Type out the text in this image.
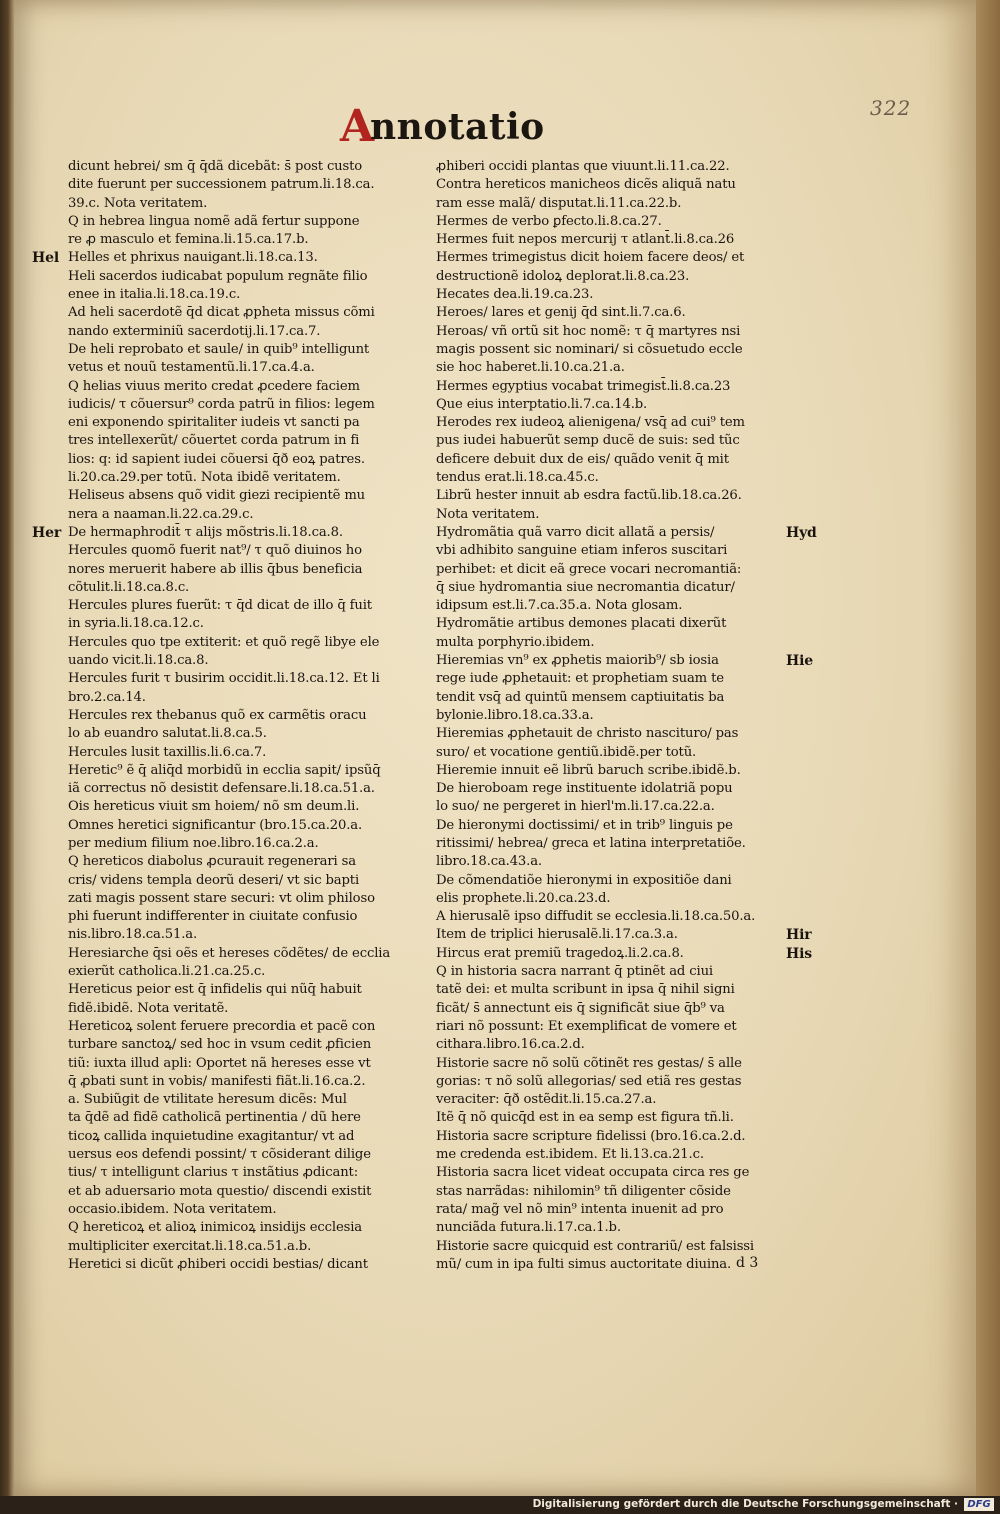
322
A
nnotatio
dicunt hebrei/ sm q̄ q̄dã dicebãt: s̄ post custo
dite fuerunt per successionem patrum.li.18.ca.
39.c. Nota veritatem.
Q in hebrea lingua nomẽ adã fertur suppone
re ꝓ masculo et femina.li.15.ca.17.b.
Helles et phrixus nauigant.li.18.ca.13.
Hel
Heli sacerdos iudicabat populum regnãte filio
enee in italia.li.18.ca.19.c.
Ad heli sacerdotẽ q̄d dicat ꝓpheta missus cõmi
nando exterminiũ sacerdotij.li.17.ca.7.
De heli reprobato et saule/ in quib⁹ intelligunt
vetus et nouũ testamentũ.li.17.ca.4.a.
Q helias viuus merito credat ꝓcedere faciem
iudicis/ τ cõuersur⁹ corda patrũ in filios: legem
eni exponendo spiritaliter iudeis vt sancti pa
tres intellexerũt/ cõuertet corda patrum in fi
lios: q: id sapient iudei cõuersi q̄ð eoꝝ patres.
li.20.ca.29.per totũ. Nota ibidẽ veritatem.
Heliseus absens quõ vidit giezi recipientẽ mu
nera a naaman.li.22.ca.29.c.
De hermaphrodit̄ τ alijs mõstris.li.18.ca.8.
Her
Hercules quomõ fuerit nat⁹/ τ quõ diuinos ho
nores meruerit habere ab illis q̄bus beneficia
cõtulit.li.18.ca.8.c.
Hercules plures fuerũt: τ q̄d dicat de illo q̄ fuit
in syria.li.18.ca.12.c.
Hercules quo tpe extiterit: et quõ regẽ libye ele
uando vicit.li.18.ca.8.
Hercules furit τ busirim occidit.li.18.ca.12. Et li
bro.2.ca.14.
Hercules rex thebanus quõ ex carmẽtis oracu
lo ab euandro salutat.li.8.ca.5.
Hercules lusit taxillis.li.6.ca.7.
Heretic⁹ ẽ q̄ aliq̄d morbidũ in ecclia sapit/ ipsũq̄
iã correctus nõ desistit defensare.li.18.ca.51.a.
Ois hereticus viuit sm hoiem/ nõ sm deum.li.
Omnes heretici significantur (bro.15.ca.20.a.
per medium filium noe.libro.16.ca.2.a.
Q hereticos diabolus ꝓcurauit regenerari sa
cris/ videns templa deorũ deseri/ vt sic bapti
zati magis possent stare securi: vt olim philoso
phi fuerunt indifferenter in ciuitate confusio
nis.libro.18.ca.51.a.
Heresiarche q̄si oẽs et hereses cõdẽtes/ de ecclia
exierũt catholica.li.21.ca.25.c.
Hereticus peior est q̄ infidelis qui nũq̄ habuit
fidẽ.ibidẽ. Nota veritatẽ.
Hereticoꝝ solent feruere precordia et pacẽ con
turbare sanctoꝝ/ sed hoc in vsum cedit ꝓficien
tiũ: iuxta illud apli: Oportet nã hereses esse vt
q̄ ꝓbati sunt in vobis/ manifesti fiãt.li.16.ca.2.
a. Subiũgit de vtilitate heresum dicẽs: Mul
ta q̄dẽ ad fidẽ catholicã pertinentia / dũ here
ticoꝝ callida inquietudine exagitantur/ vt ad
uersus eos defendi possint/ τ cõsiderant dilige
tius/ τ intelligunt clarius τ instãtius ꝓdicant:
et ab aduersario mota questio/ discendi existit
occasio.ibidem. Nota veritatem.
Q hereticoꝝ et alioꝝ inimicoꝝ insidijs ecclesia
multipliciter exercitat.li.18.ca.51.a.b.
Heretici si dicũt ꝓhiberi occidi bestias/ dicant
ꝓhiberi occidi plantas que viuunt.li.11.ca.22.
Contra hereticos manicheos dicẽs aliquã natu
ram esse malã/ disputat.li.11.ca.22.b.
Hermes de verbo ꝑfecto.li.8.ca.27.
Hermes fuit nepos mercurij τ atlant̄.li.8.ca.26
Hermes trimegistus dicit hoiem facere deos/ et
destructionẽ idoloꝝ deplorat.li.8.ca.23.
Hecates dea.li.19.ca.23.
Heroes/ lares et genij q̄d sint.li.7.ca.6.
Heroas/ vñ ortũ sit hoc nomẽ: τ q̄ martyres nsi
magis possent sic nominari/ si cõsuetudo eccle
sie hoc haberet.li.10.ca.21.a.
Hermes egyptius vocabat trimegist̄.li.8.ca.23
Que eius interptatio.li.7.ca.14.b.
Herodes rex iudeoꝝ alienigena/ vsq̄ ad cui⁹ tem
pus iudei habuerũt semp ducẽ de suis: sed tũc
deficere debuit dux de eis/ quãdo venit q̄ mit
tendus erat.li.18.ca.45.c.
Librũ hester innuit ab esdra factũ.lib.18.ca.26.
Nota veritatem.
Hydromãtia quã varro dicit allatã a persis/	Hyd
vbi adhibito sanguine etiam inferos suscitari
perhibet: et dicit eã grece vocari necromantiã:
q̄ siue hydromantia siue necromantia dicatur/
idipsum est.li.7.ca.35.a. Nota glosam.
Hydromãtie artibus demones placati dixerũt
multa porphyrio.ibidem.
Hieremias vn⁹ ex ꝓphetis maiorib⁹/ sb iosia	Hie
rege iude ꝓphetauit: et prophetiam suam te
tendit vsq̄ ad quintũ mensem captiuitatis ba
bylonie.libro.18.ca.33.a.
Hieremias ꝓphetauit de christo nasciturο/ pas
suro/ et vocatione gentiũ.ibidẽ.per totũ.
Hieremie innuit eẽ librũ baruch scribe.ibidẽ.b.
De hieroboam rege instituente idolatriã popu
lo suo/ ne pergeret in hierl'm.li.17.ca.22.a.
De hieronymi doctissimi/ et in trib⁹ linguis pe
ritissimi/ hebrea/ greca et latina interpretatiõe.
libro.18.ca.43.a.
De cõmendatiõe hieronymi in expositiõe dani
elis prophete.li.20.ca.23.d.
A hierusalẽ ipso diffudit se ecclesia.li.18.ca.50.a.
Item de triplici hierusalẽ.li.17.ca.3.a.	Hir
Hircus erat premiũ tragedoꝝ.li.2.ca.8.	His
Q in historia sacra narrant q̄ ptinẽt ad ciui
tatẽ dei: et multa scribunt in ipsa q̄ nihil signi
ficãt/ s̄ annectunt eis q̄ significãt siue q̄b⁹ va
riari nõ possunt: Et exemplificat de vomere et
cithara.libro.16.ca.2.d.
Historie sacre nõ solũ cõtinẽt res gestas/ s̄ alle
gorias: τ nõ solũ allegorias/ sed etiã res gestas
veraciter: q̄ð ostẽdit.li.15.ca.27.a.
Itẽ q̄ nõ quicq̄d est in ea semp est figura tñ.li.
Historia sacre scripture fidelissi (bro.16.ca.2.d.
me credenda est.ibidem. Et li.13.ca.21.c.
Historia sacra licet videat occupata circa res ge
stas narrãdas: nihilomin⁹ tñ diligenter cõside
rata/ mag̃ vel nõ min⁹ intenta inuenit ad pro
nunciãda futura.li.17.ca.1.b.
Historie sacre quicquid est contrariũ/ est falsissi
mũ/ cum in ipa fulti simus auctoritate diuina. d 3
Digitalisierung gefördert durch die Deutsche Forschungsgemeinschaft · DFG
